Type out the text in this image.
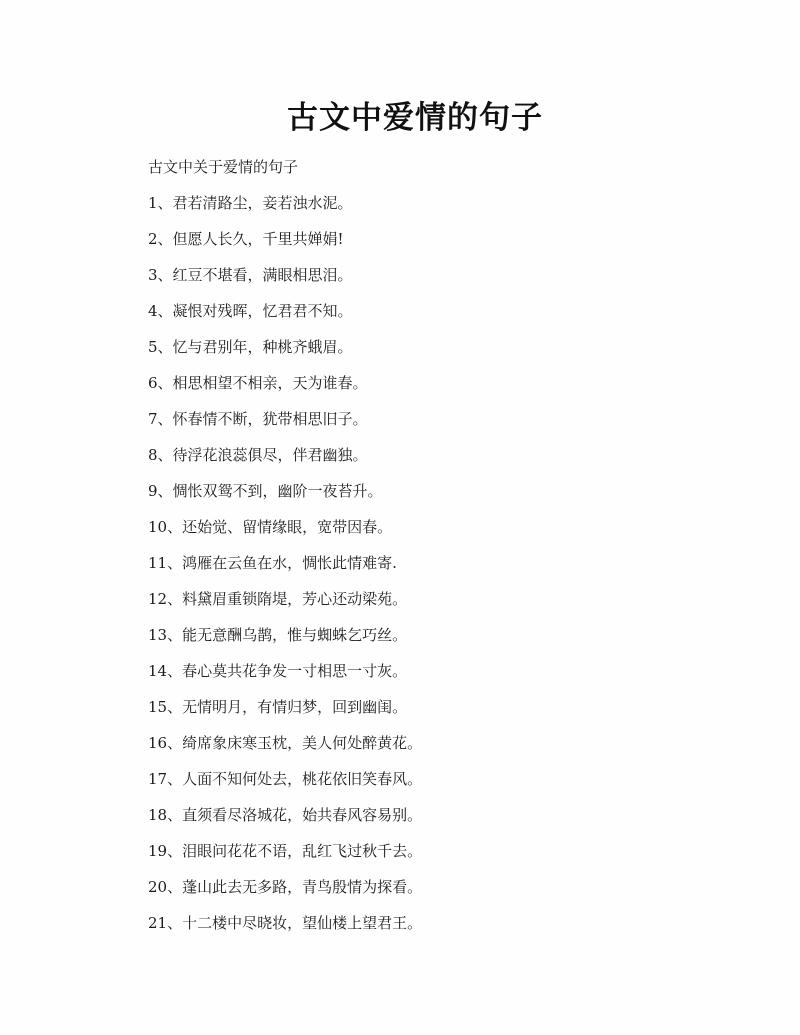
古文中爱情的句子

古文中关于爱情的句子

1、君若清路尘，妾若浊水泥。
2、但愿人长久，千里共婵娟!
3、红豆不堪看，满眼相思泪。
4、凝恨对残晖，忆君君不知。
5、忆与君别年，种桃齐蛾眉。
6、相思相望不相亲，天为谁春。
7、怀春情不断，犹带相思旧子。
8、待浮花浪蕊俱尽，伴君幽独。
9、惆怅双鸳不到，幽阶一夜苔升。
10、还始觉、留情缘眼，宽带因春。
11、鸿雁在云鱼在水，惆怅此情难寄.
12、料黛眉重锁隋堤，芳心还动梁苑。
13、能无意酬乌鹊，惟与蜘蛛乞巧丝。
14、春心莫共花争发一寸相思一寸灰。
15、无情明月，有情归梦，回到幽闺。
16、绮席象床寒玉枕，美人何处醉黄花。
17、人面不知何处去，桃花依旧笑春风。
18、直须看尽洛城花，始共春风容易别。
19、泪眼问花花不语，乱红飞过秋千去。
20、蓬山此去无多路，青鸟殷情为探看。
21、十二楼中尽晓妆，望仙楼上望君王。
